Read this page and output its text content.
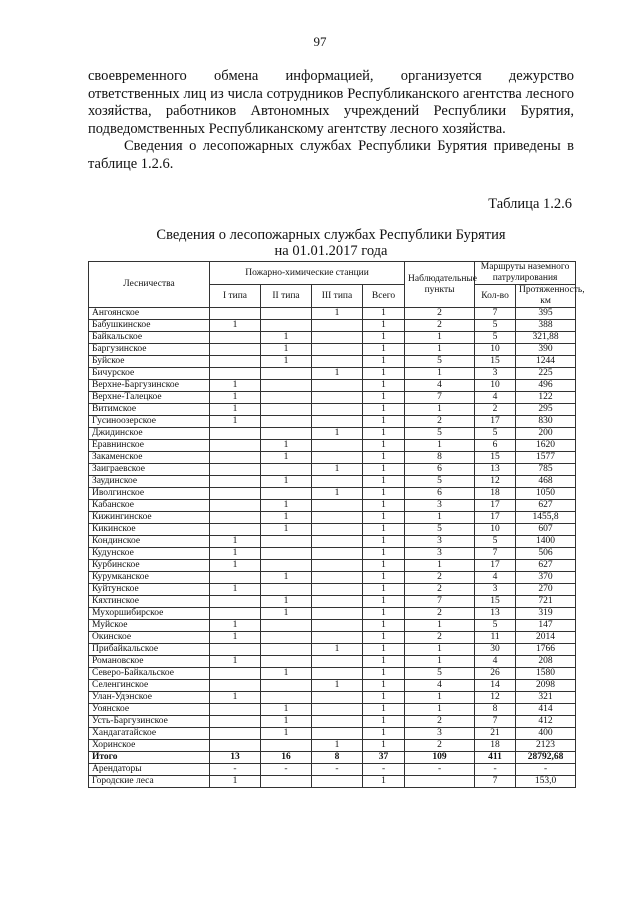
97

своевременного обмена информацией, организуется дежурство ответственных лиц из числа сотрудников Республиканского агентства лесного хозяйства, работников Автономных учреждений Республики Бурятия, подведомственных Республиканскому агентству лесного хозяйства.

Сведения о лесопожарных службах Республики Бурятия приведены в таблице 1.2.6.

Таблица 1.2.6
Сведения о лесопожарных службах Республики Бурятия
на 01.01.2017 года
Лесничества	Пожарно-химические станции				Наблюдательные пункты	Маршруты наземного патрулирования	
	I типа	II типа	III типа	Всего		Кол-во	Протяженность, км
Ангоянское			1	1	2	7	395
Бабушкинское	1			1	2	5	388
Байкальское		1		1	1	5	321,88
Баргузинское		1		1	1	10	390
Буйское		1		1	5	15	1244
Бичурское			1	1	1	3	225
Верхне-Баргузинское	1			1	4	10	496
Верхне-Талецкое	1			1	7	4	122
Витимское	1			1	1	2	295
Гусиноозерское	1			1	2	17	830
Джидинское			1	1	5	5	200
Еравнинское		1		1	1	6	1620
Закаменское		1		1	8	15	1577
Заиграевское			1	1	6	13	785
Заудинское		1		1	5	12	468
Иволгинское			1	1	6	18	1050
Кабанское		1		1	3	17	627
Кижингинское		1		1	1	17	1455,8
Кикинское		1		1	5	10	607
Кондинское	1			1	3	5	1400
Кудунское	1			1	3	7	506
Курбинское	1			1	1	17	627
Курумканское		1		1	2	4	370
Куйтунское	1			1	2	3	270
Кяхтинское		1		1	7	15	721
Мухоршибирское		1		1	2	13	319
Муйское	1			1	1	5	147
Окинское	1			1	2	11	2014
Прибайкальское			1	1	1	30	1766
Романовское	1			1	1	4	208
Северо-Байкальское		1		1	5	26	1580
Селенгинское			1	1	4	14	2098
Улан-Удэнское	1			1	1	12	321
Уоянское		1		1	1	8	414
Усть-Баргузинское		1		1	2	7	412
Хандагатайское		1		1	3	21	400
Хоринское			1	1	2	18	2123
Итого	13	16	8	37	109	411	28792,68
Арендаторы	-	-	-	-	-	-	-
Городские леса	1			1		7	153,0
